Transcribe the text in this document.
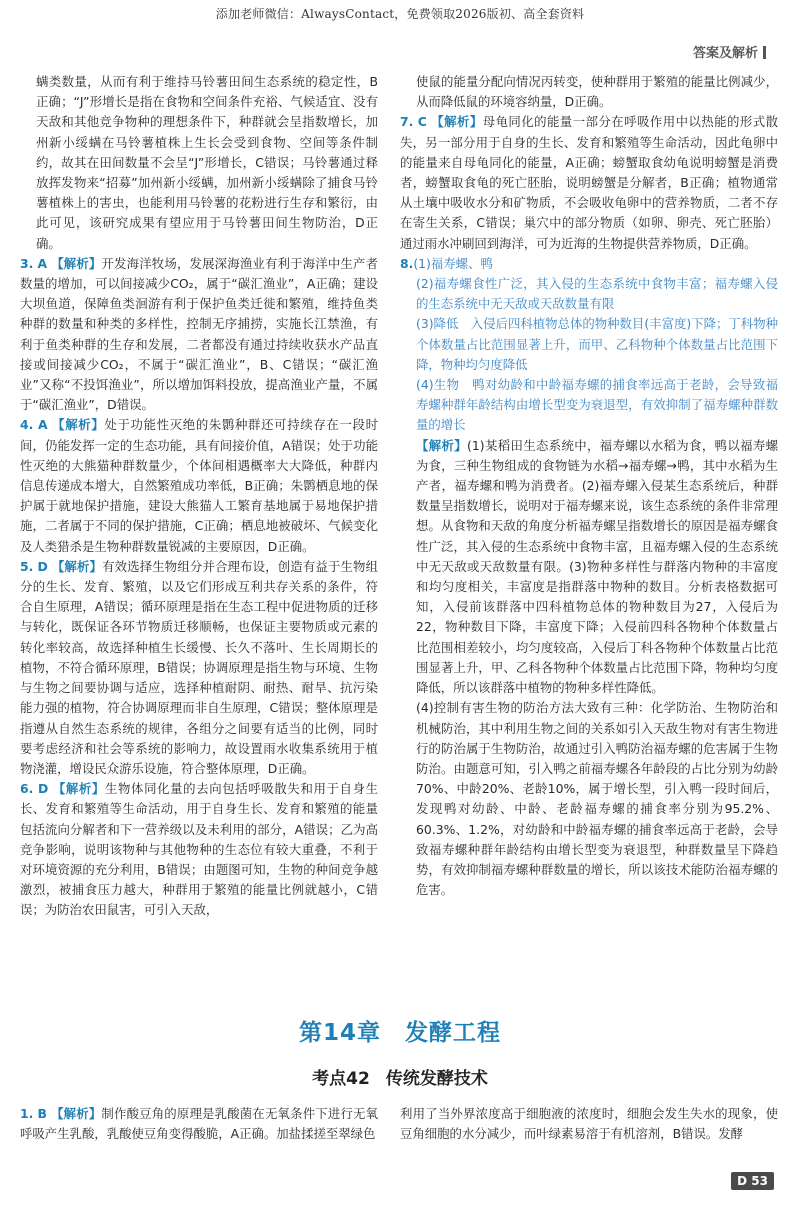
添加老师微信：AlwaysContact，免费领取2026版初、高全套资料
答案及解析
螨类数量，从而有利于维持马铃薯田间生态系统的稳定性，B正确；“J”形增长是指在食物和空间条件充裕、气候适宜、没有天敌和其他竞争物种的理想条件下，种群就会呈指数增长，加州新小绥螨在马铃薯植株上生长会受到食物、空间等条件制约，故其在田间数量不会呈“J”形增长，C错误；马铃薯通过释放挥发物来“招募”加州新小绥螨，加州新小绥螨除了捕食马铃薯植株上的害虫，也能利用马铃薯的花粉进行生存和繁衍，由此可见，该研究成果有望应用于马铃薯田间生物防治，D正确。
3. A 【解析】开发海洋牧场，发展深海渔业有利于海洋中生产者数量的增加，可以间接减少CO₂，属于“碳汇渔业”，A正确；建设大坝鱼道，保障鱼类洄游有利于保护鱼类迁徙和繁殖，维持鱼类种群的数量和种类的多样性，控制无序捕捞，实施长江禁渔，有利于鱼类种群的生存和发展，二者都没有通过持续收获水产品直接或间接减少CO₂，不属于“碳汇渔业”，B、C错误；“碳汇渔业”又称“不投饵渔业”，所以增加饵料投放，提高渔业产量，不属于“碳汇渔业”，D错误。
4. A 【解析】处于功能性灭绝的朱鹮种群还可持续存在一段时间，仍能发挥一定的生态功能，具有间接价值，A错误；处于功能性灭绝的大熊猫种群数量少，个体间相遇概率大大降低，种群内信息传递成本增大，自然繁殖成功率低，B正确；朱鹮栖息地的保护属于就地保护措施，建设大熊猫人工繁育基地属于易地保护措施，二者属于不同的保护措施，C正确；栖息地被破坏、气候变化及人类猎杀是生物种群数量锐减的主要原因，D正确。
5. D 【解析】有效选择生物组分并合理布设，创造有益于生物组分的生长、发育、繁殖，以及它们形成互利共存关系的条件，符合自生原理，A错误；循环原理是指在生态工程中促进物质的迁移与转化，既保证各环节物质迁移顺畅，也保证主要物质或元素的转化率较高，故选择种植生长缓慢、长久不落叶、生长周期长的植物，不符合循环原理，B错误；协调原理是指生物与环境、生物与生物之间要协调与适应，选择种植耐阴、耐热、耐旱、抗污染能力强的植物，符合协调原理而非自生原理，C错误；整体原理是指遵从自然生态系统的规律，各组分之间要有适当的比例，同时要考虑经济和社会等系统的影响力，故设置雨水收集系统用于植物浇灌，增设民众游乐设施，符合整体原理，D正确。
6. D 【解析】生物体同化量的去向包括呼吸散失和用于自身生长、发育和繁殖等生命活动，用于自身生长、发育和繁殖的能量包括流向分解者和下一营养级以及未利用的部分，A错误；乙为高竞争影响，说明该物种与其他物种的生态位有较大重叠，不利于对环境资源的充分利用，B错误；由题图可知，生物的种间竞争越激烈，被捕食压力越大，种群用于繁殖的能量比例就越小，C错误；为防治农田鼠害，可引入天敌，
使鼠的能量分配向情况丙转变，使种群用于繁殖的能量比例减少，从而降低鼠的环境容纳量，D正确。
7. C 【解析】母龟同化的能量一部分在呼吸作用中以热能的形式散失，另一部分用于自身的生长、发育和繁殖等生命活动，因此龟卵中的能量来自母龟同化的能量，A正确；螃蟹取食幼龟说明螃蟹是消费者，螃蟹取食龟的死亡胚胎，说明螃蟹是分解者，B正确；植物通常从土壤中吸收水分和矿物质，不会吸收龟卵中的营养物质，二者不存在寄生关系，C错误；巢穴中的部分物质（如卵、卵壳、死亡胚胎）通过雨水冲刷回到海洋，可为近海的生物提供营养物质，D正确。
8.(1)福寿螺、鸭
(2)福寿螺食性广泛，其入侵的生态系统中食物丰富；福寿螺入侵的生态系统中无天敌或天敌数量有限
(3)降低　入侵后四科植物总体的物种数目(丰富度)下降；丁科物种个体数量占比范围显著上升，而甲、乙科物种个体数量占比范围下降，物种均匀度降低
(4)生物　鸭对幼龄和中龄福寿螺的捕食率远高于老龄，会导致福寿螺种群年龄结构由增长型变为衰退型，有效抑制了福寿螺种群数量的增长
【解析】(1)某稻田生态系统中，福寿螺以水稻为食，鸭以福寿螺为食，三种生物组成的食物链为水稻→福寿螺→鸭，其中水稻为生产者，福寿螺和鸭为消费者。(2)福寿螺入侵某生态系统后，种群数量呈指数增长，说明对于福寿螺来说，该生态系统的条件非常理想。从食物和天敌的角度分析福寿螺呈指数增长的原因是福寿螺食性广泛，其入侵的生态系统中食物丰富，且福寿螺入侵的生态系统中无天敌或天敌数量有限。(3)物种多样性与群落内物种的丰富度和均匀度相关，丰富度是指群落中物种的数目。分析表格数据可知，入侵前该群落中四科植物总体的物种数目为27，入侵后为22，物种数目下降，丰富度下降；入侵前四科各物种个体数量占比范围相差较小，均匀度较高，入侵后丁科各物种个体数量占比范围显著上升，甲、乙科各物种个体数量占比范围下降，物种均匀度降低，所以该群落中植物的物种多样性降低。
(4)控制有害生物的防治方法大致有三种：化学防治、生物防治和机械防治，其中利用生物之间的关系如引入天敌生物对有害生物进行的防治属于生物防治，故通过引入鸭防治福寿螺的危害属于生物防治。由题意可知，引入鸭之前福寿螺各年龄段的占比分别为幼龄70%、中龄20%、老龄10%，属于增长型，引入鸭一段时间后，发现鸭对幼龄、中龄、老龄福寿螺的捕食率分别为95.2%、60.3%、1.2%，对幼龄和中龄福寿螺的捕食率远高于老龄，会导致福寿螺种群年龄结构由增长型变为衰退型，种群数量呈下降趋势，有效抑制福寿螺种群数量的增长，所以该技术能防治福寿螺的危害。
第14章 发酵工程
考点42 传统发酵技术
1. B 【解析】制作酸豆角的原理是乳酸菌在无氧条件下进行无氧呼吸产生乳酸，乳酸使豆角变得酸脆，A正确。加盐揉搓至翠绿色
利用了当外界浓度高于细胞液的浓度时，细胞会发生失水的现象，使豆角细胞的水分减少，而叶绿素易溶于有机溶剂，B错误。发酵
D 53
